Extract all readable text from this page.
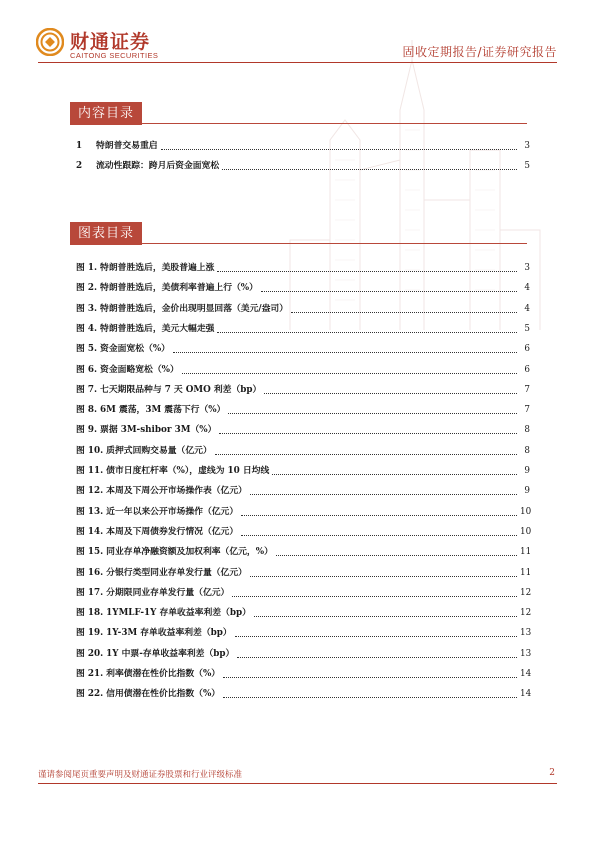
财通证券
CAITONG SECURITIES	固收定期报告/证券研究报告
内容目录
1	特朗普交易重启	3
2	流动性跟踪：跨月后资金面宽松	5
图表目录
图 1. 特朗普胜选后，美股普遍上涨	3
图 2. 特朗普胜选后，美债利率普遍上行（%）	4
图 3. 特朗普胜选后，金价出现明显回落（美元/盎司）	4
图 4. 特朗普胜选后，美元大幅走强	5
图 5. 资金面宽松（%）	6
图 6. 资金面略宽松（%）	6
图 7. 七天期限品种与 7 天 OMO 利差（bp）	7
图 8. 6M 震荡，3M 震荡下行（%）	7
图 9. 票据 3M-shibor 3M（%）	8
图 10. 质押式回购交易量（亿元）	8
图 11. 债市日度杠杆率（%），虚线为 10 日均线	9
图 12. 本周及下周公开市场操作表（亿元）	9
图 13. 近一年以来公开市场操作（亿元）	10
图 14. 本周及下周债券发行情况（亿元）	10
图 15. 同业存单净融资额及加权利率（亿元，%）	11
图 16. 分银行类型同业存单发行量（亿元）	11
图 17. 分期限同业存单发行量（亿元）	12
图 18. 1YMLF-1Y 存单收益率利差（bp）	12
图 19. 1Y-3M 存单收益率利差（bp）	13
图 20. 1Y 中票-存单收益率利差（bp）	13
图 21. 利率债潜在性价比指数（%）	14
图 22. 信用债潜在性价比指数（%）	14
谨请参阅尾页重要声明及财通证券股票和行业评级标准	2
